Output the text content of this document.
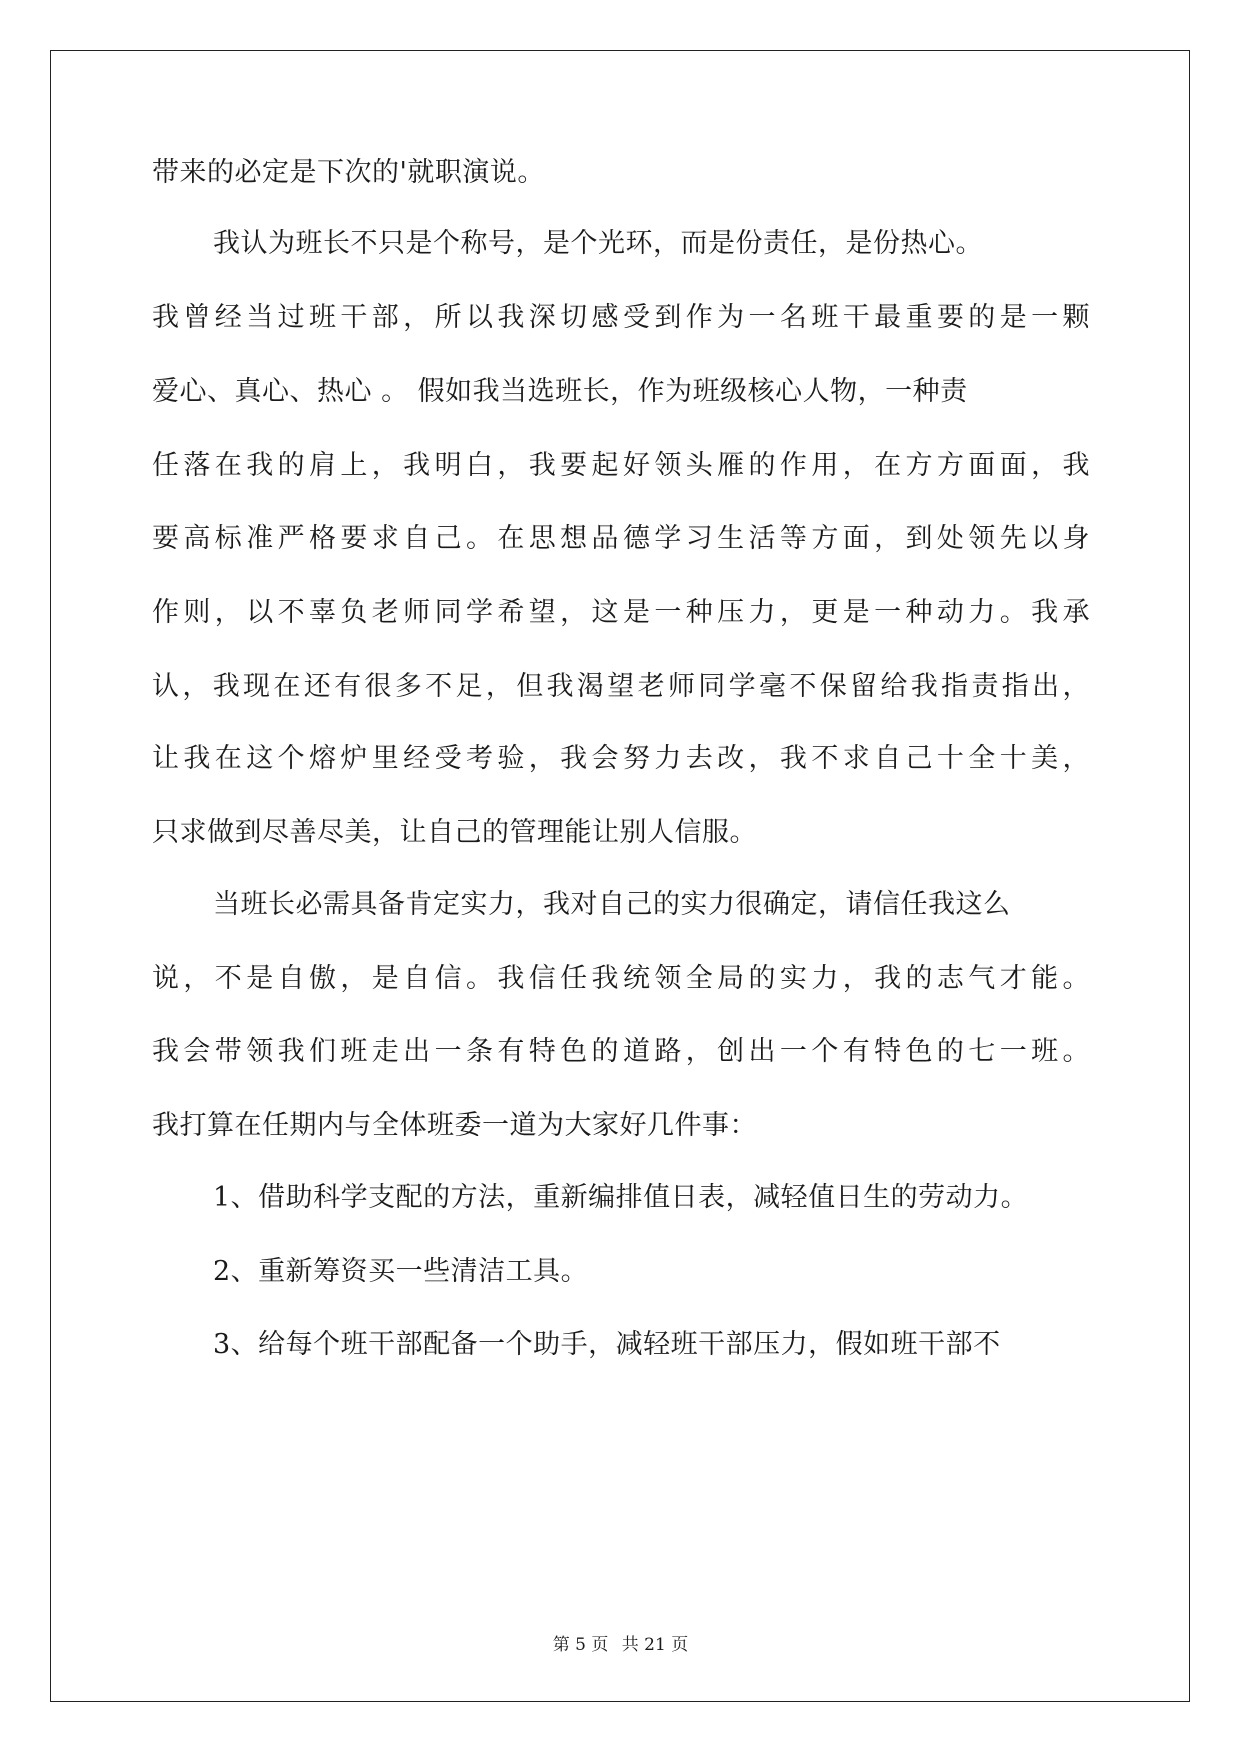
带来的必定是下次的'就职演说。
我认为班长不只是个称号，是个光环，而是份责任，是份热心。
我曾经当过班干部，所以我深切感受到作为一名班干最重要的是一颗
爱心、真心、热心 。 假如我当选班长，作为班级核心人物，一种责
任落在我的肩上，我明白，我要起好领头雁的作用，在方方面面，我
要高标准严格要求自己。在思想品德学习生活等方面，到处领先以身
作则，以不辜负老师同学希望，这是一种压力，更是一种动力。我承
认，我现在还有很多不足，但我渴望老师同学毫不保留给我指责指出，
让我在这个熔炉里经受考验，我会努力去改，我不求自己十全十美，
只求做到尽善尽美，让自己的管理能让别人信服。
当班长必需具备肯定实力，我对自己的实力很确定，请信任我这么
说，不是自傲，是自信。我信任我统领全局的实力，我的志气才能。
我会带领我们班走出一条有特色的道路，创出一个有特色的七一班。
我打算在任期内与全体班委一道为大家好几件事：
1、借助科学支配的方法，重新编排值日表，减轻值日生的劳动力。
2、重新筹资买一些清洁工具。
3、给每个班干部配备一个助手，减轻班干部压力，假如班干部不
第 5 页 共 21 页
